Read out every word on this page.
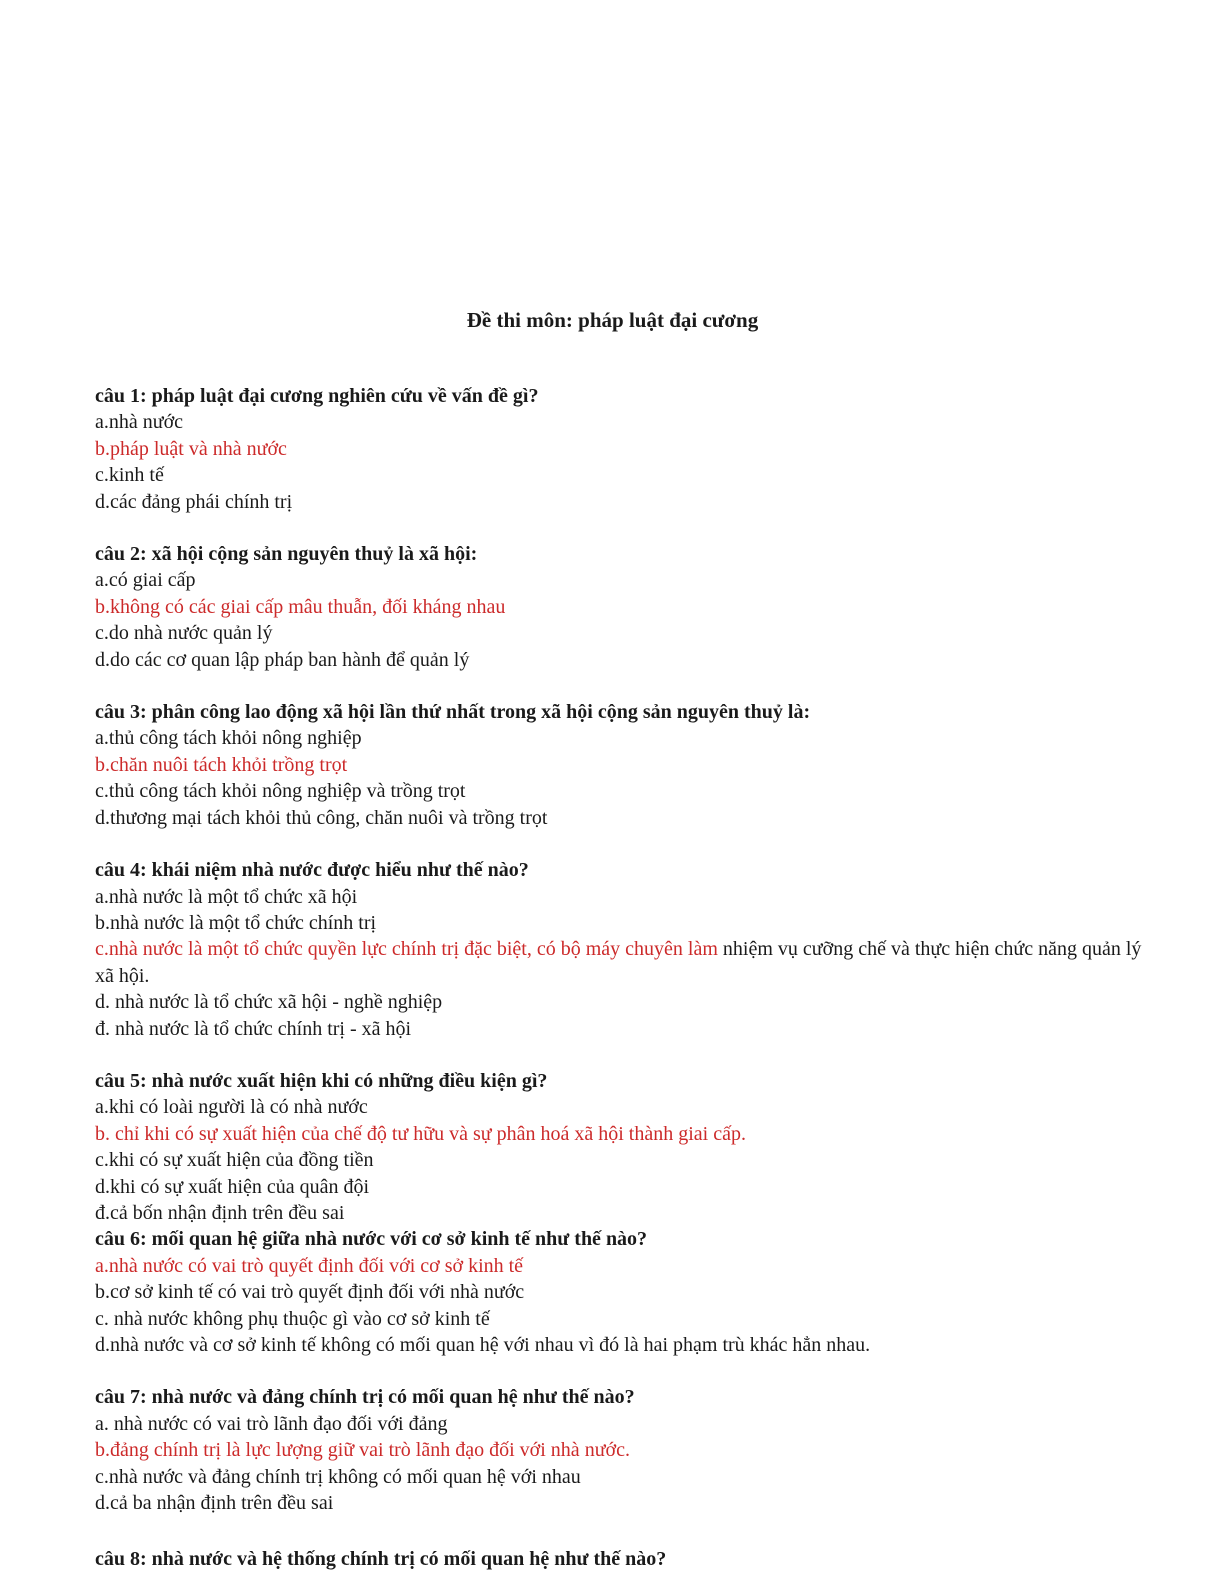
Đề thi môn: pháp luật đại cương

câu 1: pháp luật đại cương nghiên cứu về vấn đề gì?

a.nhà nước

b.pháp luật và nhà nước

c.kinh tế

d.các đảng phái chính trị

câu 2: xã hội cộng sản nguyên thuỷ là xã hội:

a.có giai cấp

b.không có các giai cấp mâu thuẫn, đối kháng nhau

c.do nhà nước quản lý

d.do các cơ quan lập pháp ban hành để quản lý

câu 3: phân công lao động xã hội lần thứ nhất trong xã hội cộng sản nguyên thuỷ là:

a.thủ công tách khỏi nông nghiệp

b.chăn nuôi tách khỏi trồng trọt

c.thủ công tách khỏi nông nghiệp và trồng trọt

d.thương mại tách khỏi thủ công, chăn nuôi và trồng trọt

câu 4: khái niệm nhà nước được hiểu như thế nào?

a.nhà nước là một tổ chức xã hội

b.nhà nước là một tổ chức chính trị

c.nhà nước là một tổ chức quyền lực chính trị đặc biệt, có bộ máy chuyên làm nhiệm vụ cưỡng chế và thực hiện chức năng quản lý xã hội.

d. nhà nước là tổ chức xã hội - nghề nghiệp

đ. nhà nước là tổ chức chính trị - xã hội

câu 5: nhà nước xuất hiện khi có những điều kiện gì?

a.khi có loài người là có nhà nước

b. chỉ khi có sự xuất hiện của chế độ tư hữu và sự phân hoá xã hội thành giai cấp.

c.khi có sự xuất hiện của đồng tiền

d.khi có sự xuất hiện của quân đội

đ.cả bốn nhận định trên đều sai

câu 6: mối quan hệ giữa nhà nước với cơ sở kinh tế như thế nào?

a.nhà nước có vai trò quyết định đối với cơ sở kinh tế

b.cơ sở kinh tế có vai trò quyết định đối với nhà nước

c. nhà nước không phụ thuộc gì vào cơ sở kinh tế

d.nhà nước và cơ sở kinh tế không có mối quan hệ với nhau vì đó là hai phạm trù khác hẳn nhau.

câu 7: nhà nước và đảng chính trị có mối quan hệ như thế nào?

a. nhà nước có vai trò lãnh đạo đối với đảng

b.đảng chính trị là lực lượng giữ vai trò lãnh đạo đối với nhà nước.

c.nhà nước và đảng chính trị không có mối quan hệ với nhau

d.cả ba nhận định trên đều sai

câu 8: nhà nước và hệ thống chính trị có mối quan hệ như thế nào?
